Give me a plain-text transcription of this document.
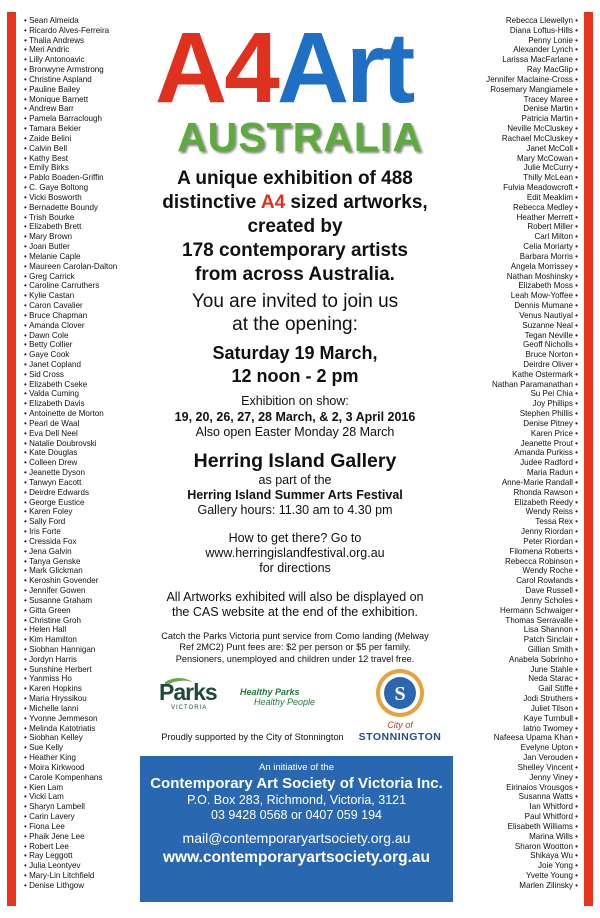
• Sean Almeida
• Ricardo Alves-Ferreira
• Thalia Andrews
• Meri Andric
• Lilly Antonoavic
• Bronwyne Armstrong
• Christine Aspland
• Pauline Bailey
• Monique Barnett
• Andrew Barr
• Pamela Barraclough
• Tamara Bekier
• Zaide Belini
• Calvin Bell
• Kathy Best
• Emily Birks
• Pablo Boaden-Griffin
• C. Gaye Boltong
• Vicki Bosworth
• Bernadette Boundy
• Trish Bourke
• Elizabeth Brett
• Mary Brown
• Joan Butler
• Melanie Caple
• Maureen Carolan-Dalton
• Greg Carrick
• Caroline Carruthers
• Kylie Castan
• Caron Cavalier
• Bruce Chapman
• Amanda Clover
• Dawn Cole
• Betty Collier
• Gaye Cook
• Janet Copland
• Sid Cross
• Elizabeth Cseke
• Valda Cuming
• Elizabeth Davis
• Antoinette de Morton
• Pearl de Waal
• Eva Dell Neel
• Natalie Doubrovski
• Kate Douglas
• Colleen Drew
• Jeanette Dyson
• Tanwyn Eacott
• Deirdre Edwards
• George Eustice
• Karen Foley
• Sally Ford
• Iris Forte
• Cressida Fox
• Jena Galvin
• Tanya Genske
• Mark Glickman
• Keroshin Govender
• Jennifer Gowen
• Susanne Graham
• Gitta Green
• Christine Groh
• Helen Hall
• Kim Hamilton
• Siobhan Hannigan
• Jordyn Harris
• Sunshine Herbert
• Yanmiss Ho
• Karen Hopkins
• Maria Hryssikou
• Michelle Ianni
• Yvonne Jemmeson
• Melinda Katotriatis
• Siobhan Kelley
• Sue Kelly
• Heather King
• Moira Kirkwood
• Carole Kompenhans
• Kien Lam
• Vicki Lam
• Sharyn Lambell
• Carin Lavery
• Fiona Lee
• Phaik Jene Lee
• Robert Lee
• Ray Leggott
• Julia Leontyev
• Mary-Lin Litchfield
• Denise Lithgow
Rebecca Llewellyn •
Diana Loftus-Hills •
Penny Lonie •
Alexander Lynch •
Larissa MacFarlane •
Ray MacGlip •
Jennifer Maclaine-Cross •
Rosemary Mangiamele •
Tracey Maree •
Denise Martin •
Patricia Martin •
Neville McCluskey •
Rachael McCluskey •
Janet McColl •
Mary McCowan •
Julie McCurry •
Thilly McLean •
Fulvia Meadowcroft •
Edit Meaklim •
Rebecca Medley •
Heather Merrett •
Robert Miller •
Carl Milton •
Celia Moriarty •
Barbara Morris •
Angela Morrissey •
Nathan Moshinsky •
Elizabeth Moss •
Leah Mow-Yoffee •
Dennis Mumane •
Venus Nautiyal •
Suzanne Neal •
Tegan Neville •
Geoff Nicholls •
Bruce Norton •
Deirdre Oliver •
Kathe Ostermark •
Nathan Paramanathan •
Su Pei Chia •
Joy Phillips •
Stephen Phillis •
Denise Pitney •
Karen Price •
Jeanette Prout •
Amanda Purkiss •
Judee Radford •
Maria Radun •
Anne-Marie Randall •
Rhonda Rawson •
Elizabeth Reedy •
Wendy Reiss •
Tessa Rex •
Jenny Riordan •
Peter Riordan •
Filomena Roberts •
Rebecca Robinson •
Wendy Roche •
Carol Rowlands •
Dave Russell •
Jenny Scholes •
Hermann Schwaiger •
Thomas Serravalle •
Lisa Shannon •
Patch Sinclair •
Gillian Smith •
Anabela Sobrinho •
June Stahle •
Neda Starac •
Gail Stiffe •
Jodi Struthers •
Juliet Tilson •
Kaye Turnbull •
Iatno Twomey •
Nafeesa Upama Khan •
Evelyne Upton •
Jan Verouden •
Shelley Vincent •
Jenny Viney •
Eirinaios Vrousgos •
Susanna Watts •
Ian Whitford •
Paul Whitford •
Elisabeth Williams •
Marina Wills •
Sharon Wootton •
Shikaya Wu •
Joie Yong •
Yvette Young •
Marlen Zilinsky •
A4Art
AUSTRALIA
A unique exhibition of 488
distinctive A4 sized artworks,
created by
178 contemporary artists
from across Australia.
You are invited to join us
at the opening:
Saturday 19 March,
12 noon - 2 pm
Exhibition on show:
19, 20, 26, 27, 28 March, & 2, 3 April 2016
Also open Easter Monday 28 March
Herring Island Gallery
as part of the
Herring Island Summer Arts Festival
Gallery hours: 11.30 am to 4.30 pm
How to get there? Go to
www.herringislandfestival.org.au
for directions
All Artworks exhibited will also be displayed on
the CAS website at the end of the exhibition.
Catch the Parks Victoria punt service from Como landing (Melway
Ref 2MC2) Punt fees are: $2 per person or $5 per family.
Pensioners, unemployed and children under 12 travel free.
Parks
VICTORIA
Healthy Parks
Healthy People	S
City of
STONNINGTON
Proudly supported by the City of Stonnington
An initiative of the
Contemporary Art Society of Victoria Inc.
P.O. Box 283, Richmond, Victoria, 3121
03 9428 0568 or 0407 059 194
mail@contemporaryartsociety.org.au
www.contemporaryartsociety.org.au
